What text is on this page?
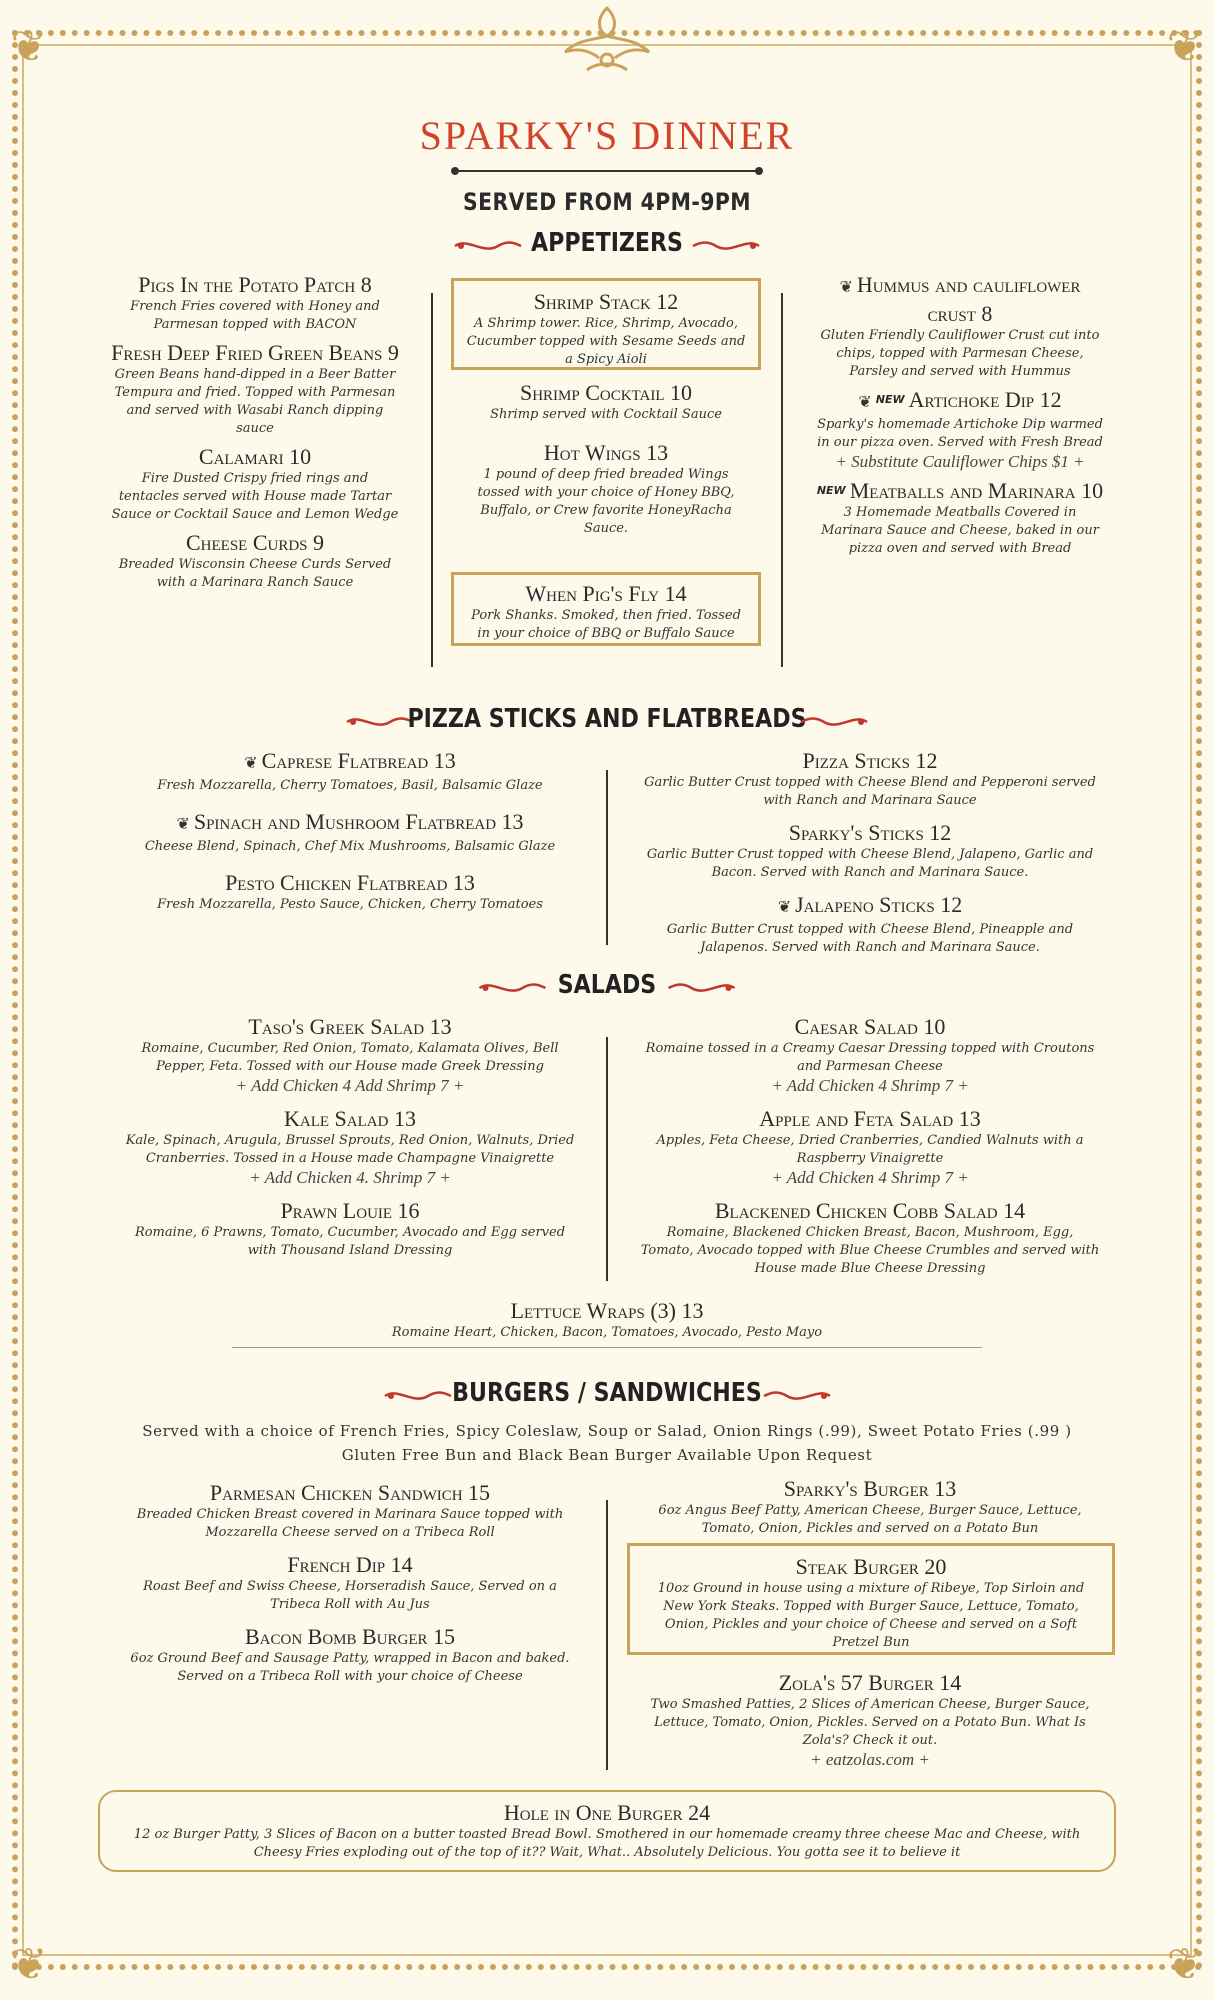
❦	❦
❦	❦
SPARKY'S DINNER
SERVED FROM 4PM-9PM
APPETIZERS
Pigs In the Potato Patch 8
French Fries covered with Honey and Parmesan topped with BACON
Fresh Deep Fried Green Beans 9
Green Beans hand-dipped in a Beer Batter Tempura and fried. Topped with Parmesan and served with Wasabi Ranch dipping sauce
Calamari 10
Fire Dusted Crispy fried rings and tentacles served with House made Tartar Sauce or Cocktail Sauce and Lemon Wedge
Cheese Curds 9
Breaded Wisconsin Cheese Curds Served with a Marinara Ranch Sauce
Shrimp Stack 12
A Shrimp tower. Rice, Shrimp, Avocado, Cucumber topped with Sesame Seeds and a Spicy Aioli
Shrimp Cocktail 10
Shrimp served with Cocktail Sauce
Hot Wings 13
1 pound of deep fried breaded Wings tossed with your choice of Honey BBQ, Buffalo, or Crew favorite HoneyRacha Sauce.
When Pig's Fly 14
Pork Shanks. Smoked, then fried. Tossed in your choice of BBQ or Buffalo Sauce
❦ Hummus and cauliflower crust 8
Gluten Friendly Cauliflower Crust cut into chips, topped with Parmesan Cheese, Parsley and served with Hummus
❦ NEW Artichoke Dip 12
Sparky's homemade Artichoke Dip warmed in our pizza oven. Served with Fresh Bread
+ Substitute Cauliflower Chips $1 +
NEW Meatballs and Marinara 10
3 Homemade Meatballs Covered in Marinara Sauce and Cheese, baked in our pizza oven and served with Bread
PIZZA STICKS AND FLATBREADS
❦ Caprese Flatbread 13
Fresh Mozzarella, Cherry Tomatoes, Basil, Balsamic Glaze
❦ Spinach and Mushroom Flatbread 13
Cheese Blend, Spinach, Chef Mix Mushrooms, Balsamic Glaze
Pesto Chicken Flatbread 13
Fresh Mozzarella, Pesto Sauce, Chicken, Cherry Tomatoes
Pizza Sticks 12
Garlic Butter Crust topped with Cheese Blend and Pepperoni served with Ranch and Marinara Sauce
Sparky's Sticks 12
Garlic Butter Crust topped with Cheese Blend, Jalapeno, Garlic and Bacon. Served with Ranch and Marinara Sauce.
❦ Jalapeno Sticks 12
Garlic Butter Crust topped with Cheese Blend, Pineapple and Jalapenos. Served with Ranch and Marinara Sauce.
SALADS
Taso's Greek Salad 13
Romaine, Cucumber, Red Onion, Tomato, Kalamata Olives, Bell Pepper, Feta. Tossed with our House made Greek Dressing
+ Add Chicken 4 Add Shrimp 7 +
Kale Salad 13
Kale, Spinach, Arugula, Brussel Sprouts, Red Onion, Walnuts, Dried Cranberries. Tossed in a House made Champagne Vinaigrette
+ Add Chicken 4. Shrimp 7 +
Prawn Louie 16
Romaine, 6 Prawns, Tomato, Cucumber, Avocado and Egg served with Thousand Island Dressing
Caesar Salad 10
Romaine tossed in a Creamy Caesar Dressing topped with Croutons and Parmesan Cheese
+ Add Chicken 4 Shrimp 7 +
Apple and Feta Salad 13
Apples, Feta Cheese, Dried Cranberries, Candied Walnuts with a Raspberry Vinaigrette
+ Add Chicken 4 Shrimp 7 +
Blackened Chicken Cobb Salad 14
Romaine, Blackened Chicken Breast, Bacon, Mushroom, Egg, Tomato, Avocado topped with Blue Cheese Crumbles and served with House made Blue Cheese Dressing
Lettuce Wraps (3) 13
Romaine Heart, Chicken, Bacon, Tomatoes, Avocado, Pesto Mayo
BURGERS / SANDWICHES
Served with a choice of French Fries, Spicy Coleslaw, Soup or Salad, Onion Rings (.99), Sweet Potato Fries (.99 )
Gluten Free Bun and Black Bean Burger Available Upon Request
Parmesan Chicken Sandwich 15
Breaded Chicken Breast covered in Marinara Sauce topped with Mozzarella Cheese served on a Tribeca Roll
French Dip 14
Roast Beef and Swiss Cheese, Horseradish Sauce, Served on a Tribeca Roll with Au Jus
Bacon Bomb Burger 15
6oz Ground Beef and Sausage Patty, wrapped in Bacon and baked. Served on a Tribeca Roll with your choice of Cheese
Sparky's Burger 13
6oz Angus Beef Patty, American Cheese, Burger Sauce, Lettuce, Tomato, Onion, Pickles and served on a Potato Bun
Steak Burger 20
10oz Ground in house using a mixture of Ribeye, Top Sirloin and New York Steaks. Topped with Burger Sauce, Lettuce, Tomato, Onion, Pickles and your choice of Cheese and served on a Soft Pretzel Bun
Zola's 57 Burger 14
Two Smashed Patties, 2 Slices of American Cheese, Burger Sauce, Lettuce, Tomato, Onion, Pickles. Served on a Potato Bun. What Is Zola's? Check it out.
+ eatzolas.com +
Hole in One Burger 24
12 oz Burger Patty, 3 Slices of Bacon on a butter toasted Bread Bowl. Smothered in our homemade creamy three cheese Mac and Cheese, with Cheesy Fries exploding out of the top of it?? Wait, What.. Absolutely Delicious. You gotta see it to believe it
